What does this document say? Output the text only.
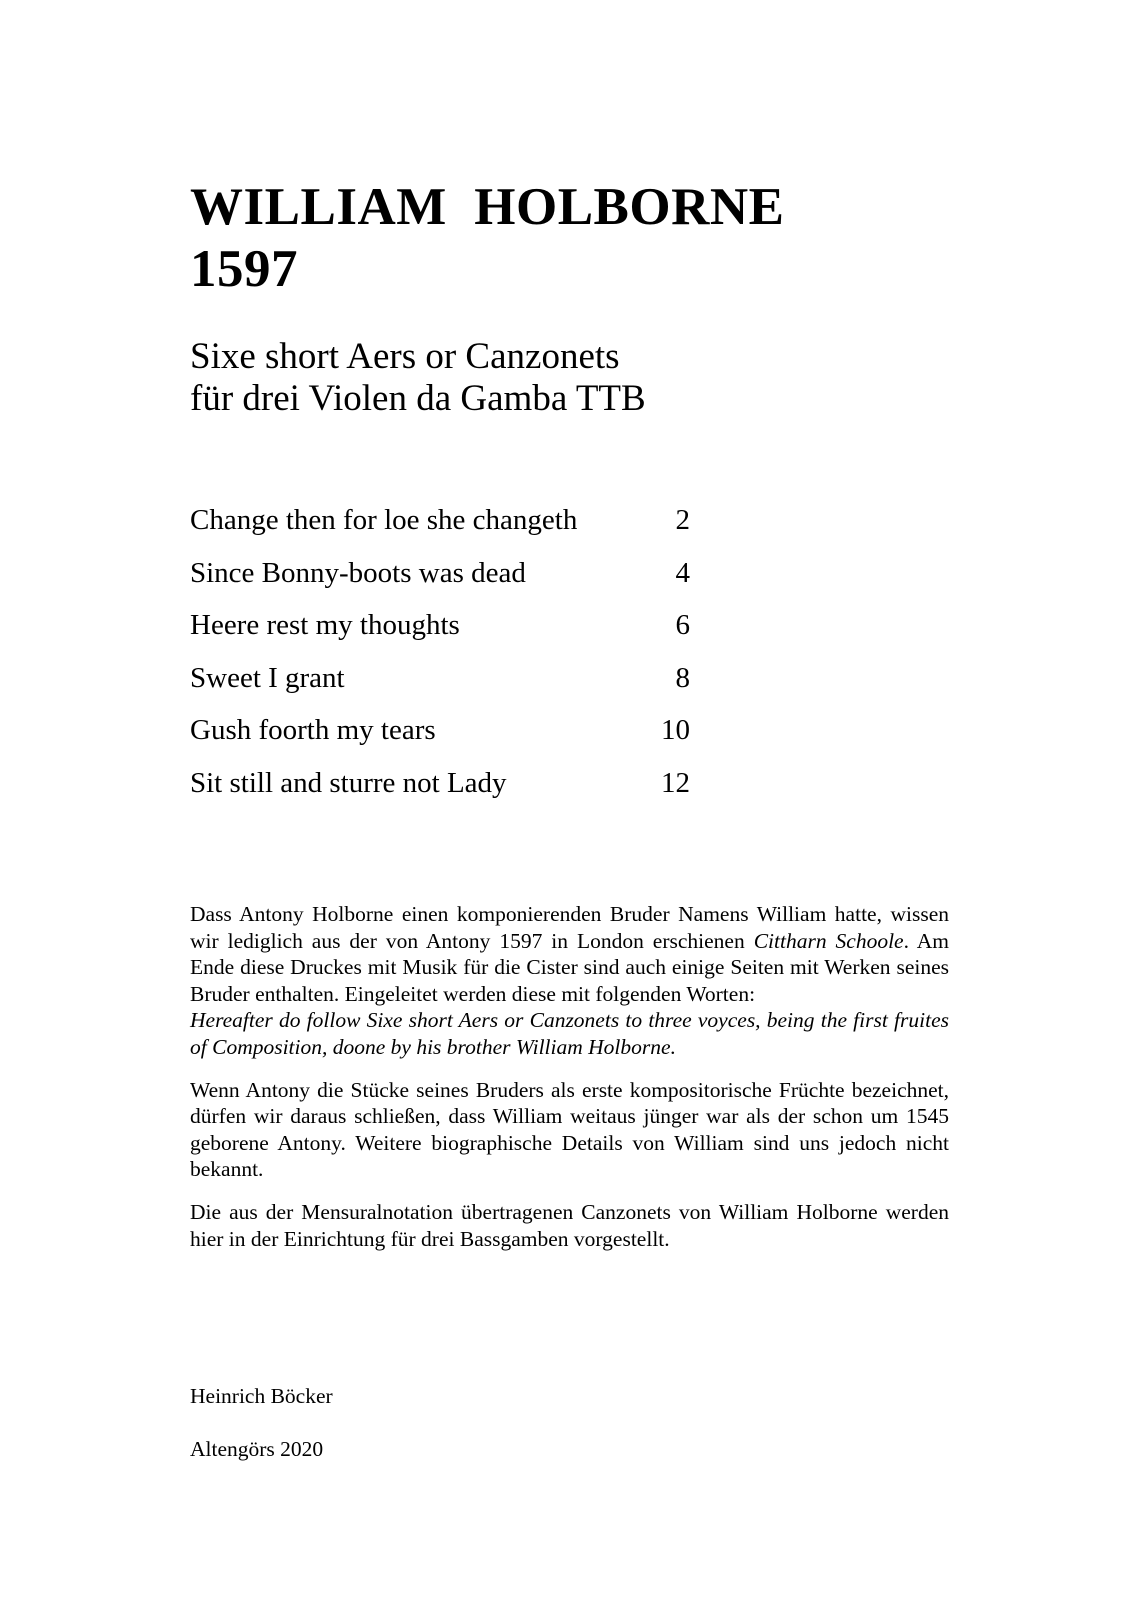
WILLIAM  HOLBORNE
1597
Sixe short Aers or Canzonets
für drei Violen da Gamba TTB
Change then for loe she changeth	2
Since Bonny-boots was dead	4
Heere rest my thoughts	6
Sweet I grant	8
Gush foorth my tears	10
Sit still and sturre not Lady	12

Dass Antony Holborne einen komponierenden Bruder Namens William hatte, wissen wir lediglich aus der von Antony 1597 in London erschienen Cittharn Schoole. Am Ende diese Druckes mit Musik für die Cister sind auch einige Seiten mit Werken seines Bruder enthalten. Eingeleitet werden diese mit folgenden Worten:
Hereafter do follow Sixe short Aers or Canzonets to three voyces, being the first fruites of Composition, doone by his brother William Holborne.

Wenn Antony die Stücke seines Bruders als erste kompositorische Früchte bezeichnet, dürfen wir daraus schließen, dass William weitaus jünger war als der schon um 1545 geborene Antony. Weitere biographische Details von William sind uns jedoch nicht bekannt.

Die aus der Mensuralnotation übertragenen Canzonets von William Holborne werden hier in der Einrichtung für drei Bassgamben vorgestellt.

Heinrich Böcker
Altengörs 2020
